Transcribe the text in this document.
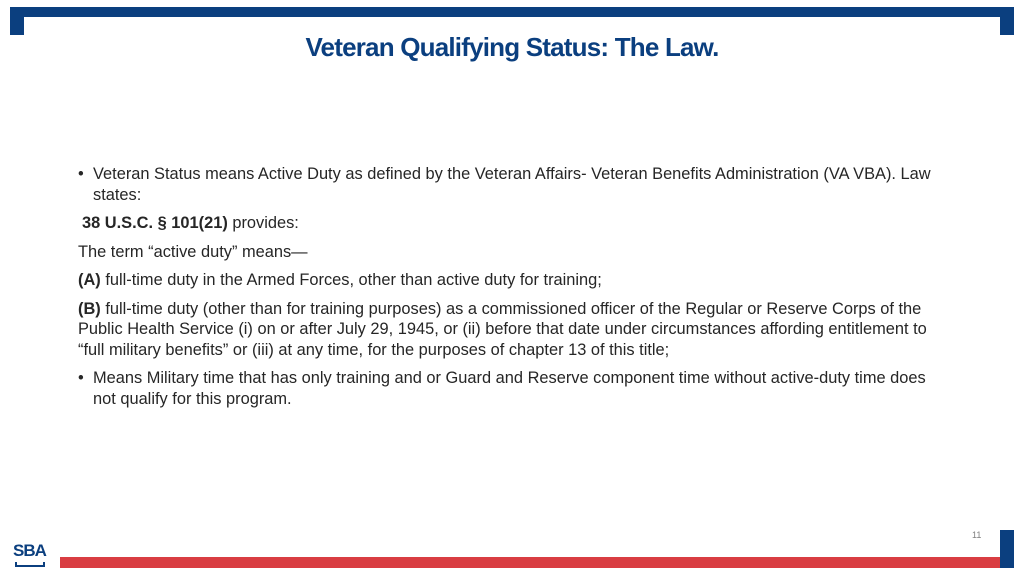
Veteran Qualifying Status: The Law.
• Veteran Status means Active Duty as defined by the Veteran Affairs- Veteran Benefits Administration (VA VBA). Law states:
38 U.S.C. § 101(21) provides:
The term “active duty” means—
(A) full-time duty in the Armed Forces, other than active duty for training;
(B) full-time duty (other than for training purposes) as a commissioned officer of the Regular or Reserve Corps of the Public Health Service (i) on or after July 29, 1945, or (ii) before that date under circumstances affording entitlement to “full military benefits” or (iii) at any time, for the purposes of chapter 13 of this title;
• Means Military time that has only training and or Guard and Reserve component time without active-duty time does not qualify for this program.
11
SBA
